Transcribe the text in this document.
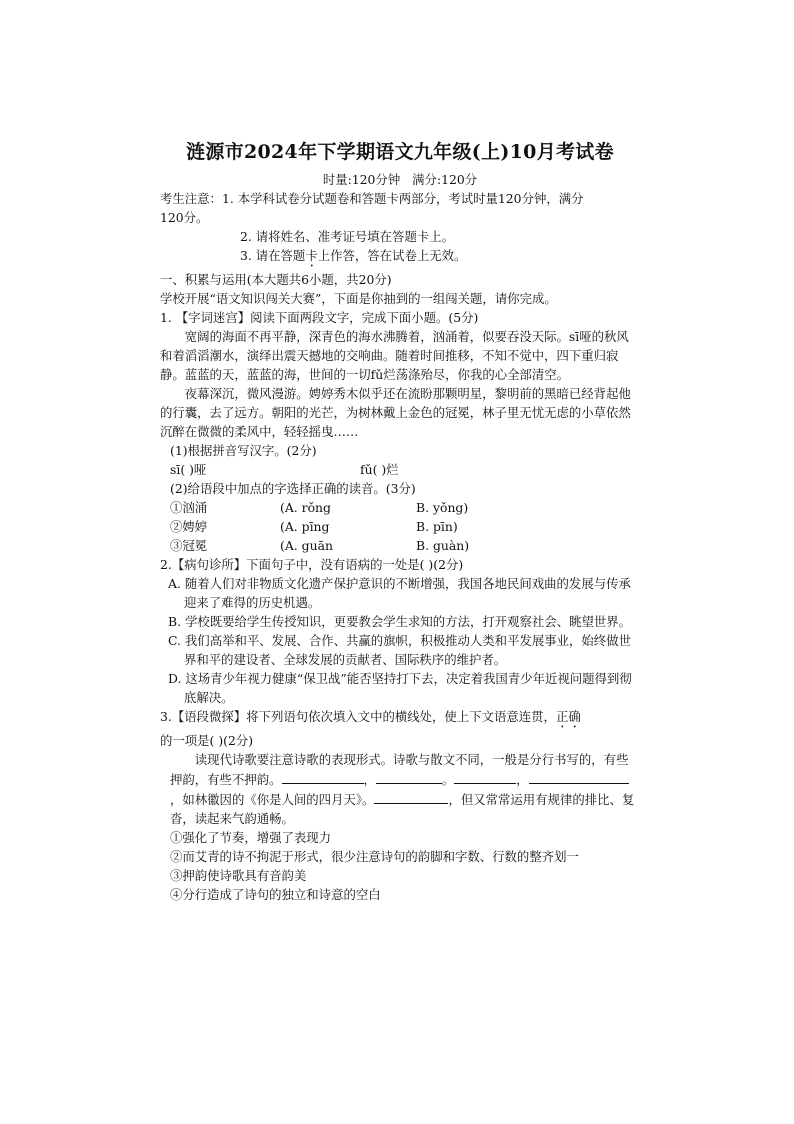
涟源市2024年下学期语文九年级(上)10月考试卷

时量:120分钟 满分:120分

考生注意： 1. 本学科试卷分试题卷和答题卡两部分，考试时量120分钟，满分

120分。

2. 请将姓名、准考证号填在答题卡上。

3. 请在答题卡上作答，答在试卷上无效。

一、积累与运用(本大题共6小题，共20分)

学校开展“语文知识闯关大赛”，下面是你抽到的一组闯关题，请你完成。

1. 【字词迷宫】阅读下面两段文字，完成下面小题。(5分)

宽阔的海面不再平静，深青色的海水沸腾着，汹涌着，似要吞没天际。sī哑的秋风和着滔滔潮水，演绎出震天撼地的交响曲。随着时间推移，不知不觉中，四下重归寂静。蓝蓝的天，蓝蓝的海，世间的一切fǔ烂荡涤殆尽，你我的心全部清空。

夜幕深沉，微风漫游。娉婷秀木似乎还在流盼那颗明星，黎明前的黑暗已经背起他的行囊，去了远方。朝阳的光芒，为树林戴上金色的冠冕，林子里无忧无虑的小草依然沉醉在微微的柔风中，轻轻摇曳……

(1)根据拼音写汉字。(2分)

sī( )哑	fǔ( )烂

(2)给语段中加点的字选择正确的读音。(3分)

①汹涌	(A. rǒng	B. yǒng)
②娉婷	(A. pīng	B. pīn)
③冠冕	(A. guān	B. guàn)

2.【病句诊所】下面句子中，没有语病的一处是( )(2分)

A. 随着人们对非物质文化遗产保护意识的不断增强，我国各地民间戏曲的发展与传承迎来了难得的历史机遇。

B. 学校既要给学生传授知识，更要教会学生求知的方法，打开观察社会、眺望世界。

C. 我们高举和平、发展、合作、共赢的旗帜，积极推动人类和平发展事业，始终做世界和平的建设者、全球发展的贡献者、国际秩序的维护者。

D. 这场青少年视力健康“保卫战”能否坚持打下去，决定着我国青少年近视问题得到彻底解决。

3.【语段微探】将下列语句依次填入文中的横线处，使上下文语意连贯，正确

的一项是( )(2分)

读现代诗歌要注意诗歌的表现形式。诗歌与散文不同，一般是分行书写的，有些押韵，有些不押韵。	，	。	，，如林徽因的《你是人间的四月天》。	，但又常常运用有规律的排比、复沓，读起来气韵通畅。

①强化了节奏，增强了表现力

②而艾青的诗不拘泥于形式，很少注意诗句的韵脚和字数、行数的整齐划一

③押韵使诗歌具有音韵美

④分行造成了诗句的独立和诗意的空白
